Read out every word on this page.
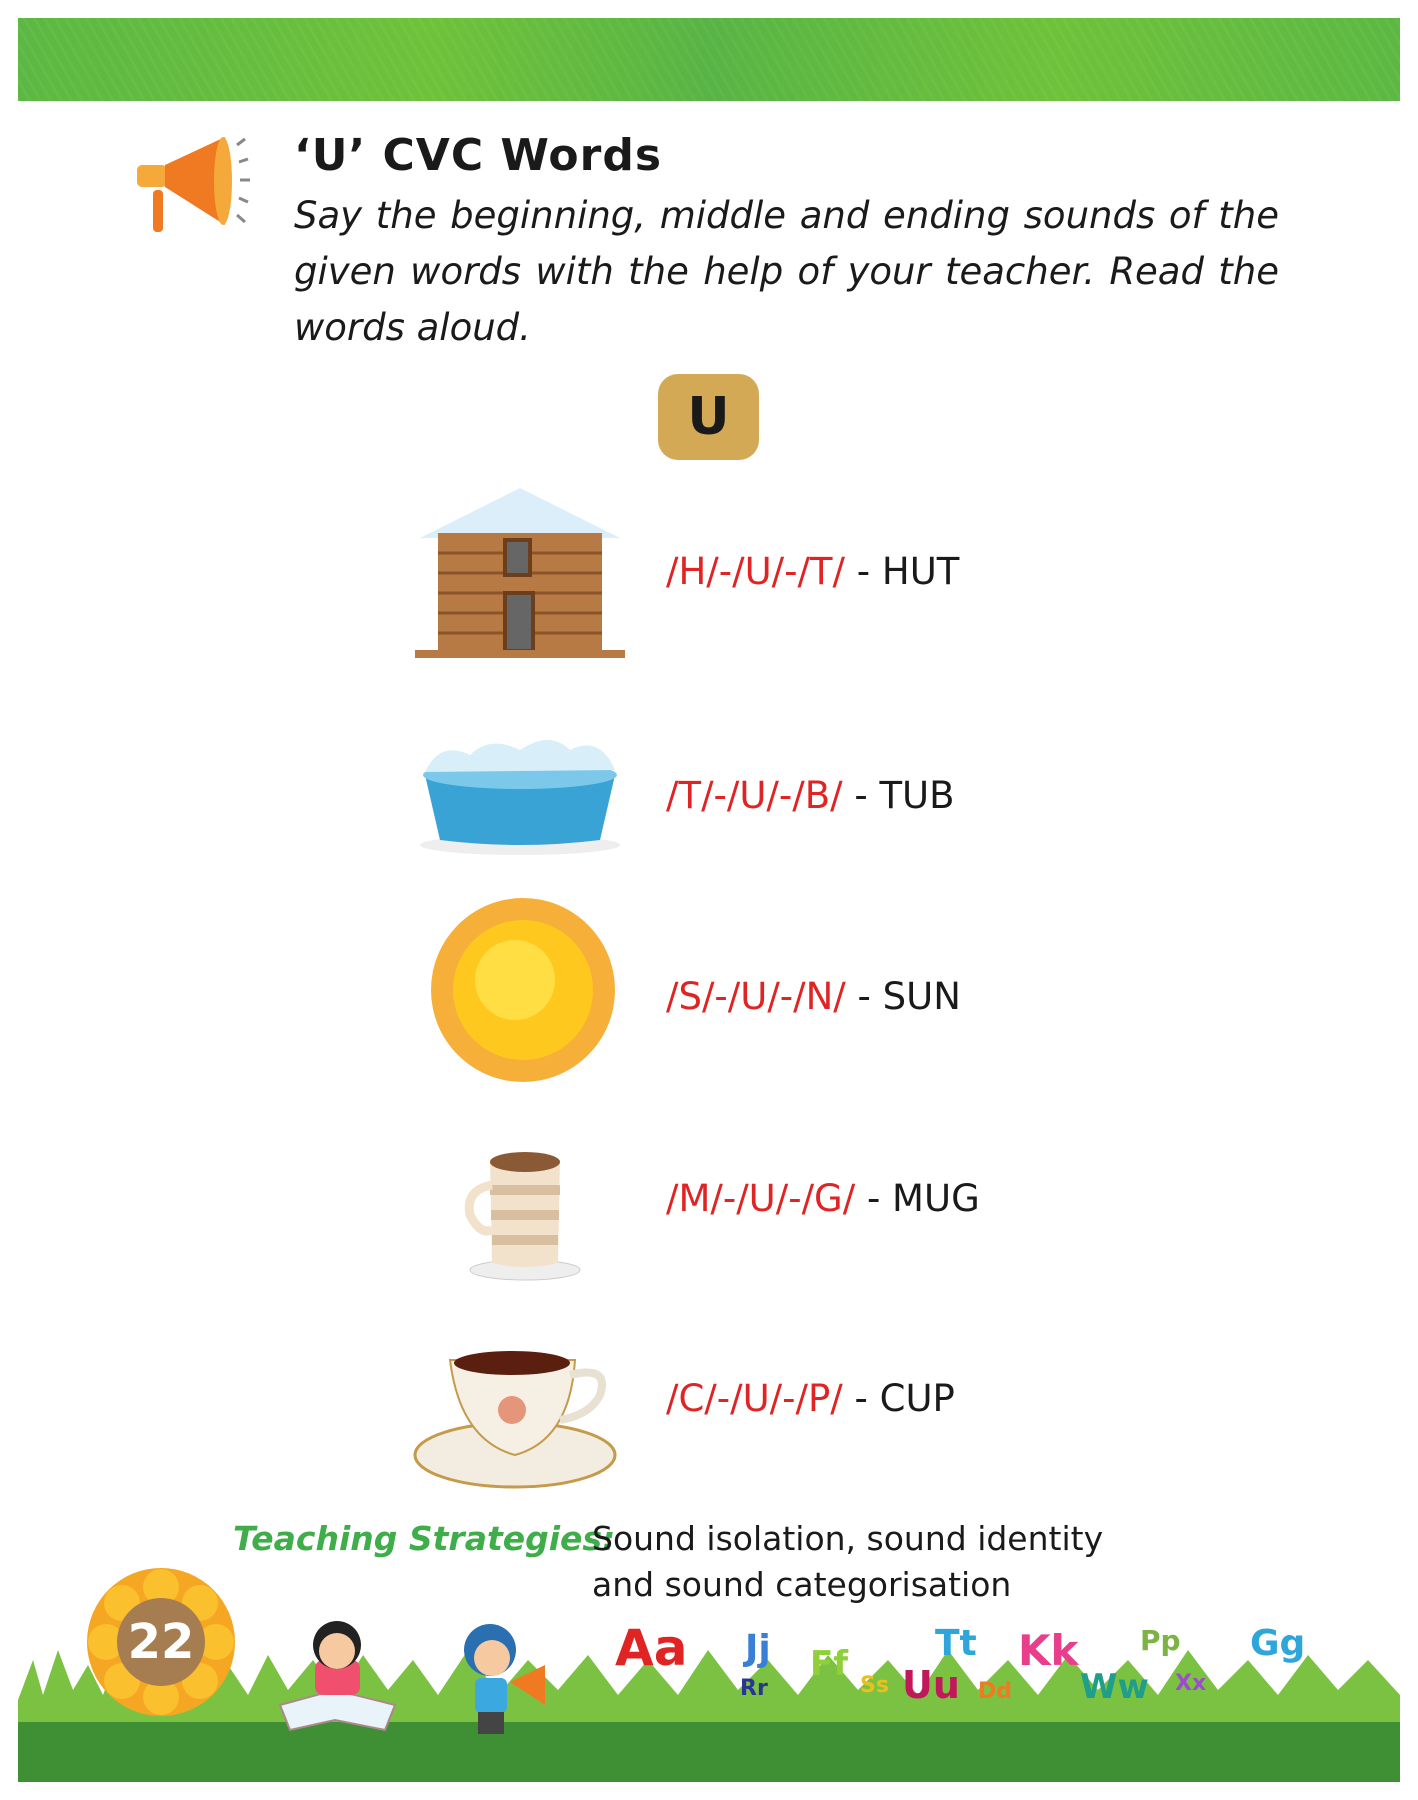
‘U’ CVC Words
Say the beginning, middle and ending sounds of the given words with the help of your teacher. Read the words aloud.
U
/H/-/U/-/T/ - HUT
/T/-/U/-/B/ - TUB
/S/-/U/-/N/ - SUN
/M/-/U/-/G/ - MUG
/C/-/U/-/P/ - CUP
Teaching Strategies:
Sound isolation, sound identity and sound categorisation
Aa Jj Ff
Ss Uu
Tt
Dd
Kk
Ww
Pp
Xx
Gg
Rr
22
